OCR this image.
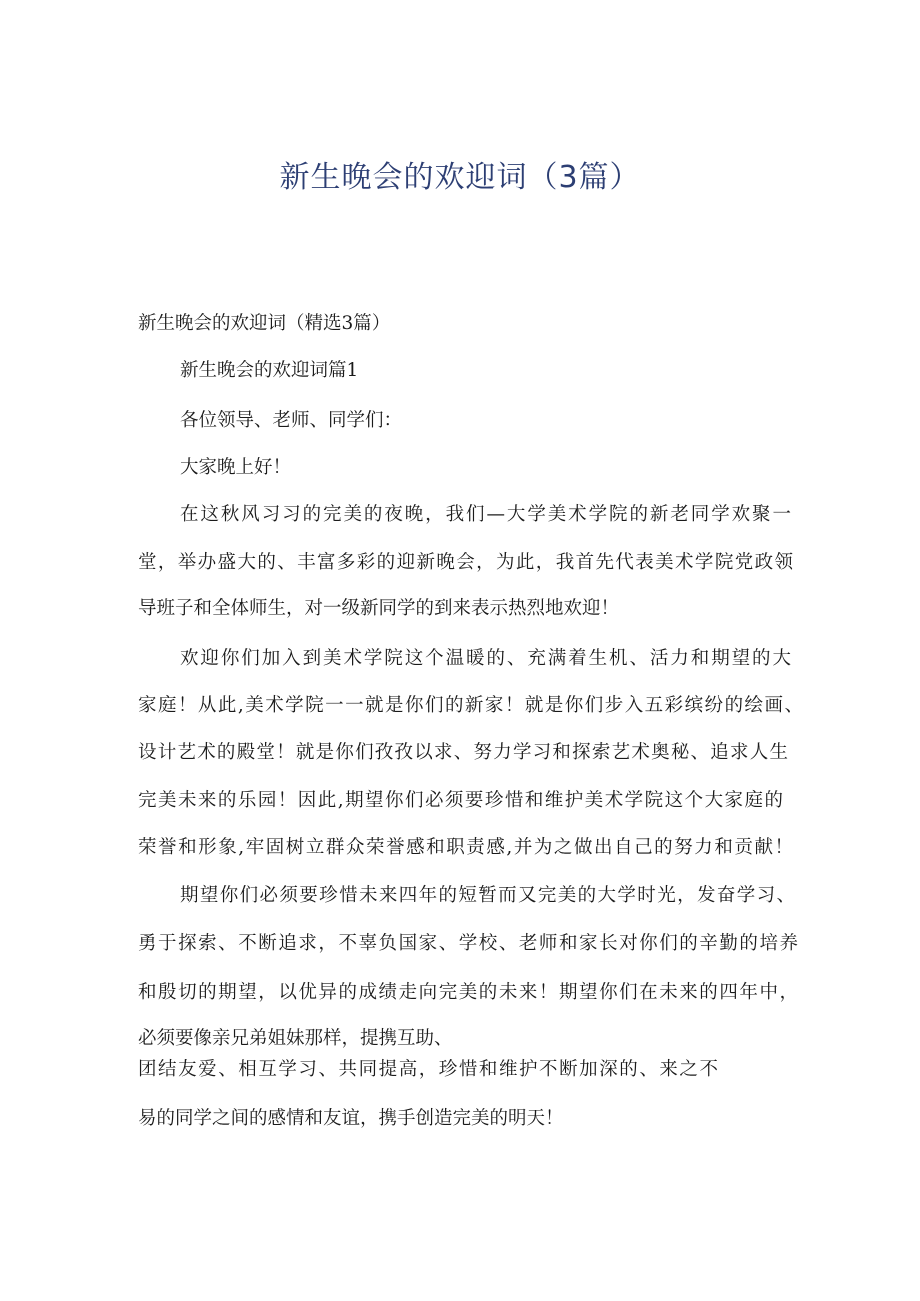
新生晚会的欢迎词（3篇）
新生晚会的欢迎词（精选3篇）
新生晚会的欢迎词篇1
各位领导、老师、同学们：
大家晚上好！
在这秋风习习的完美的夜晚，我们—大学美术学院的新老同学欢聚一
堂，举办盛大的、丰富多彩的迎新晚会，为此，我首先代表美术学院党政领
导班子和全体师生，对一级新同学的到来表示热烈地欢迎！
欢迎你们加入到美术学院这个温暖的、充满着生机、活力和期望的大
家庭！从此,美术学院一一就是你们的新家！就是你们步入五彩缤纷的绘画、
设计艺术的殿堂！就是你们孜孜以求、努力学习和探索艺术奥秘、追求人生
完美未来的乐园！因此,期望你们必须要珍惜和维护美术学院这个大家庭的
荣誉和形象,牢固树立群众荣誉感和职责感,并为之做出自己的努力和贡献！
期望你们必须要珍惜未来四年的短暂而又完美的大学时光，发奋学习、
勇于探索、不断追求，不辜负国家、学校、老师和家长对你们的辛勤的培养
和殷切的期望，以优异的成绩走向完美的未来！期望你们在未来的四年中，
必须要像亲兄弟姐妹那样，提携互助、
团结友爱、相互学习、共同提高，珍惜和维护不断加深的、来之不
易的同学之间的感情和友谊，携手创造完美的明天！
